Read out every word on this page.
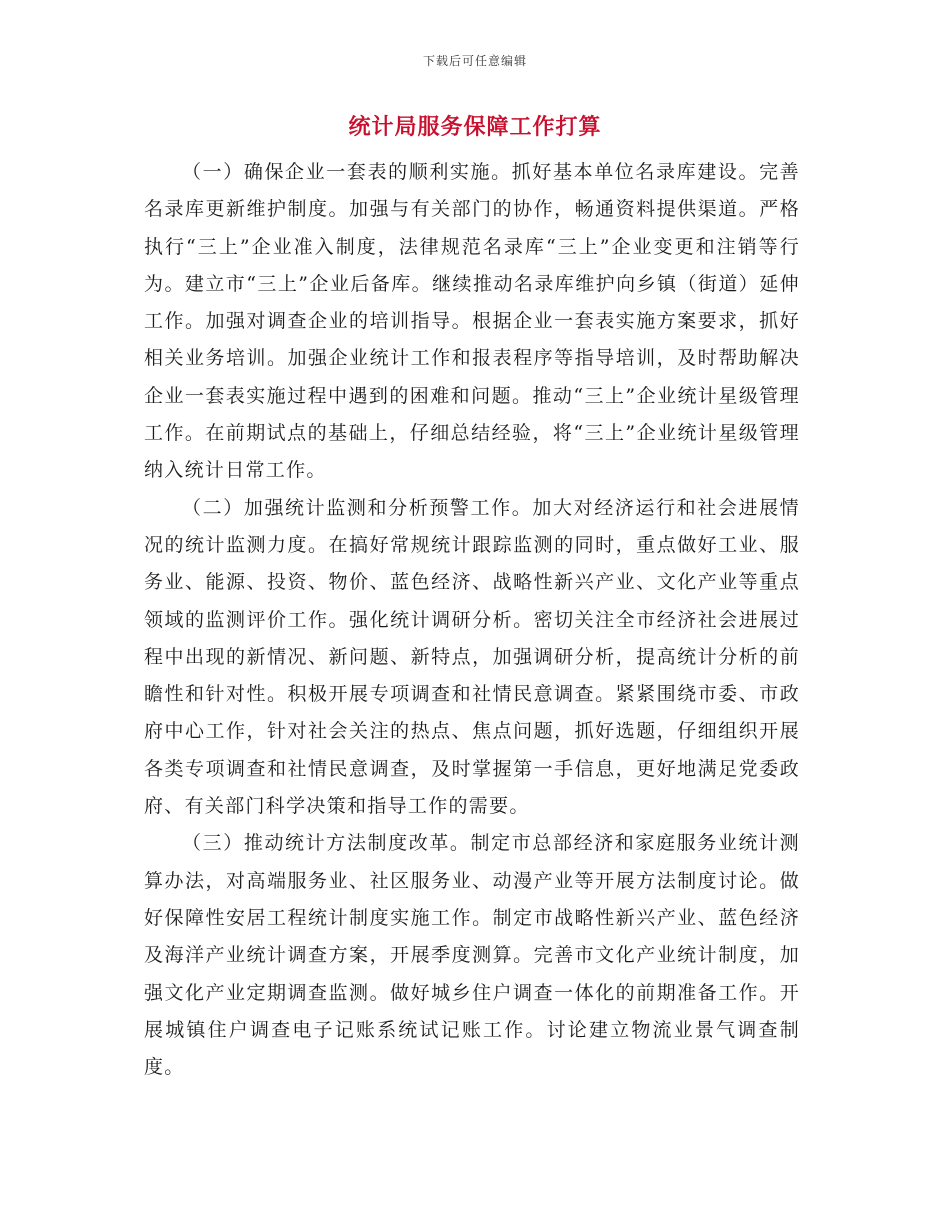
下载后可任意编辑
统计局服务保障工作打算

（一）确保企业一套表的顺利实施。抓好基本单位名录库建设。完善名录库更新维护制度。加强与有关部门的协作，畅通资料提供渠道。严格执行“三上”企业准入制度，法律规范名录库“三上”企业变更和注销等行为。建立市“三上”企业后备库。继续推动名录库维护向乡镇（街道）延伸工作。加强对调查企业的培训指导。根据企业一套表实施方案要求，抓好相关业务培训。加强企业统计工作和报表程序等指导培训，及时帮助解决企业一套表实施过程中遇到的困难和问题。推动“三上”企业统计星级管理工作。在前期试点的基础上，仔细总结经验，将“三上”企业统计星级管理纳入统计日常工作。

（二）加强统计监测和分析预警工作。加大对经济运行和社会进展情况的统计监测力度。在搞好常规统计跟踪监测的同时，重点做好工业、服务业、能源、投资、物价、蓝色经济、战略性新兴产业、文化产业等重点领域的监测评价工作。强化统计调研分析。密切关注全市经济社会进展过程中出现的新情况、新问题、新特点，加强调研分析，提高统计分析的前瞻性和针对性。积极开展专项调查和社情民意调查。紧紧围绕市委、市政府中心工作，针对社会关注的热点、焦点问题，抓好选题，仔细组织开展各类专项调查和社情民意调查，及时掌握第一手信息，更好地满足党委政府、有关部门科学决策和指导工作的需要。

（三）推动统计方法制度改革。制定市总部经济和家庭服务业统计测算办法，对高端服务业、社区服务业、动漫产业等开展方法制度讨论。做好保障性安居工程统计制度实施工作。制定市战略性新兴产业、蓝色经济及海洋产业统计调查方案，开展季度测算。完善市文化产业统计制度，加强文化产业定期调查监测。做好城乡住户调查一体化的前期准备工作。开展城镇住户调查电子记账系统试记账工作。讨论建立物流业景气调查制度。
